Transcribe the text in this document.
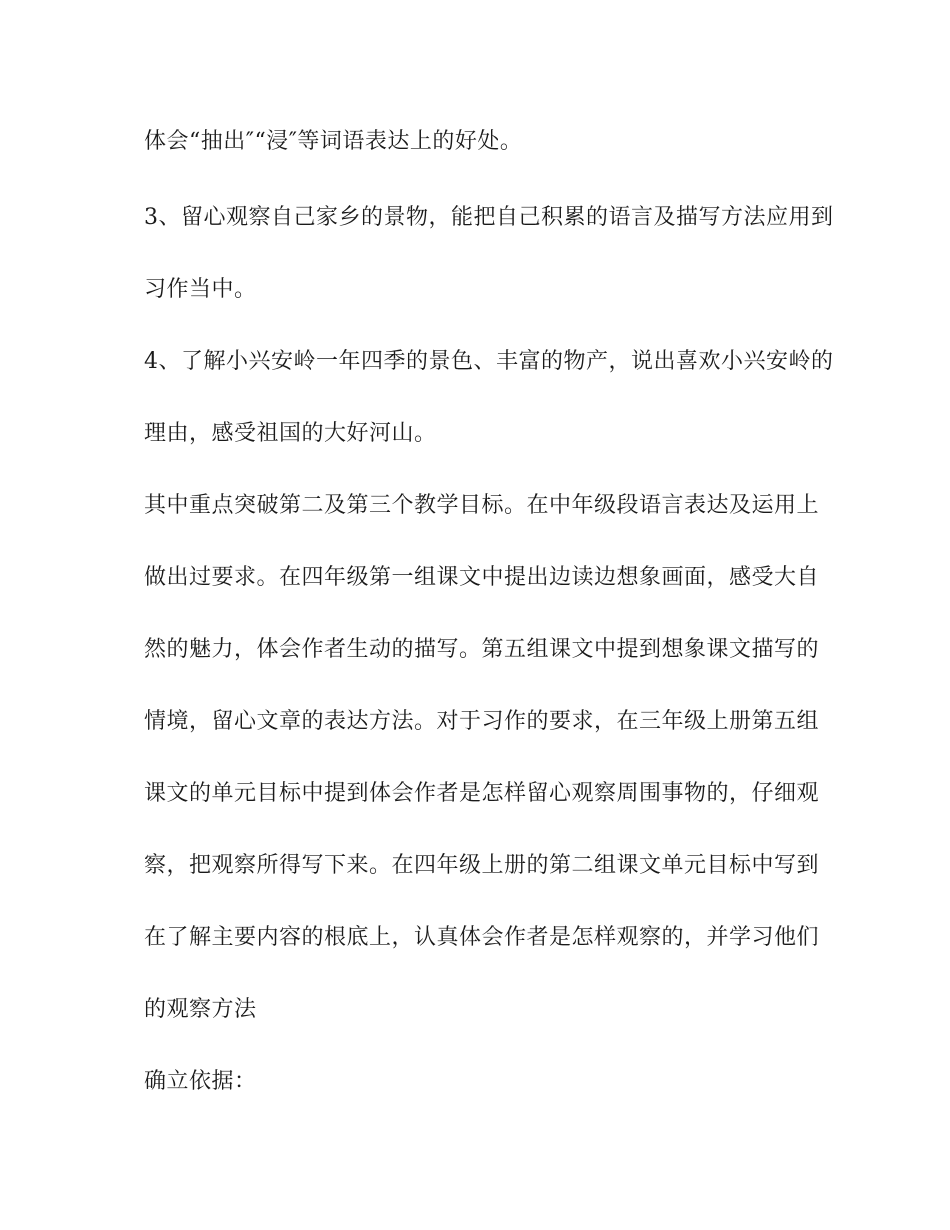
体会“抽出″“浸″等词语表达上的好处。
3、留心观察自己家乡的景物，能把自己积累的语言及描写方法应用到
习作当中。
4、了解小兴安岭一年四季的景色、丰富的物产，说出喜欢小兴安岭的
理由，感受祖国的大好河山。
其中重点突破第二及第三个教学目标。在中年级段语言表达及运用上
做出过要求。在四年级第一组课文中提出边读边想象画面，感受大自
然的魅力，体会作者生动的描写。第五组课文中提到想象课文描写的
情境，留心文章的表达方法。对于习作的要求，在三年级上册第五组
课文的单元目标中提到体会作者是怎样留心观察周围事物的，仔细观
察，把观察所得写下来。在四年级上册的第二组课文单元目标中写到
在了解主要内容的根底上，认真体会作者是怎样观察的，并学习他们
的观察方法
确立依据：
